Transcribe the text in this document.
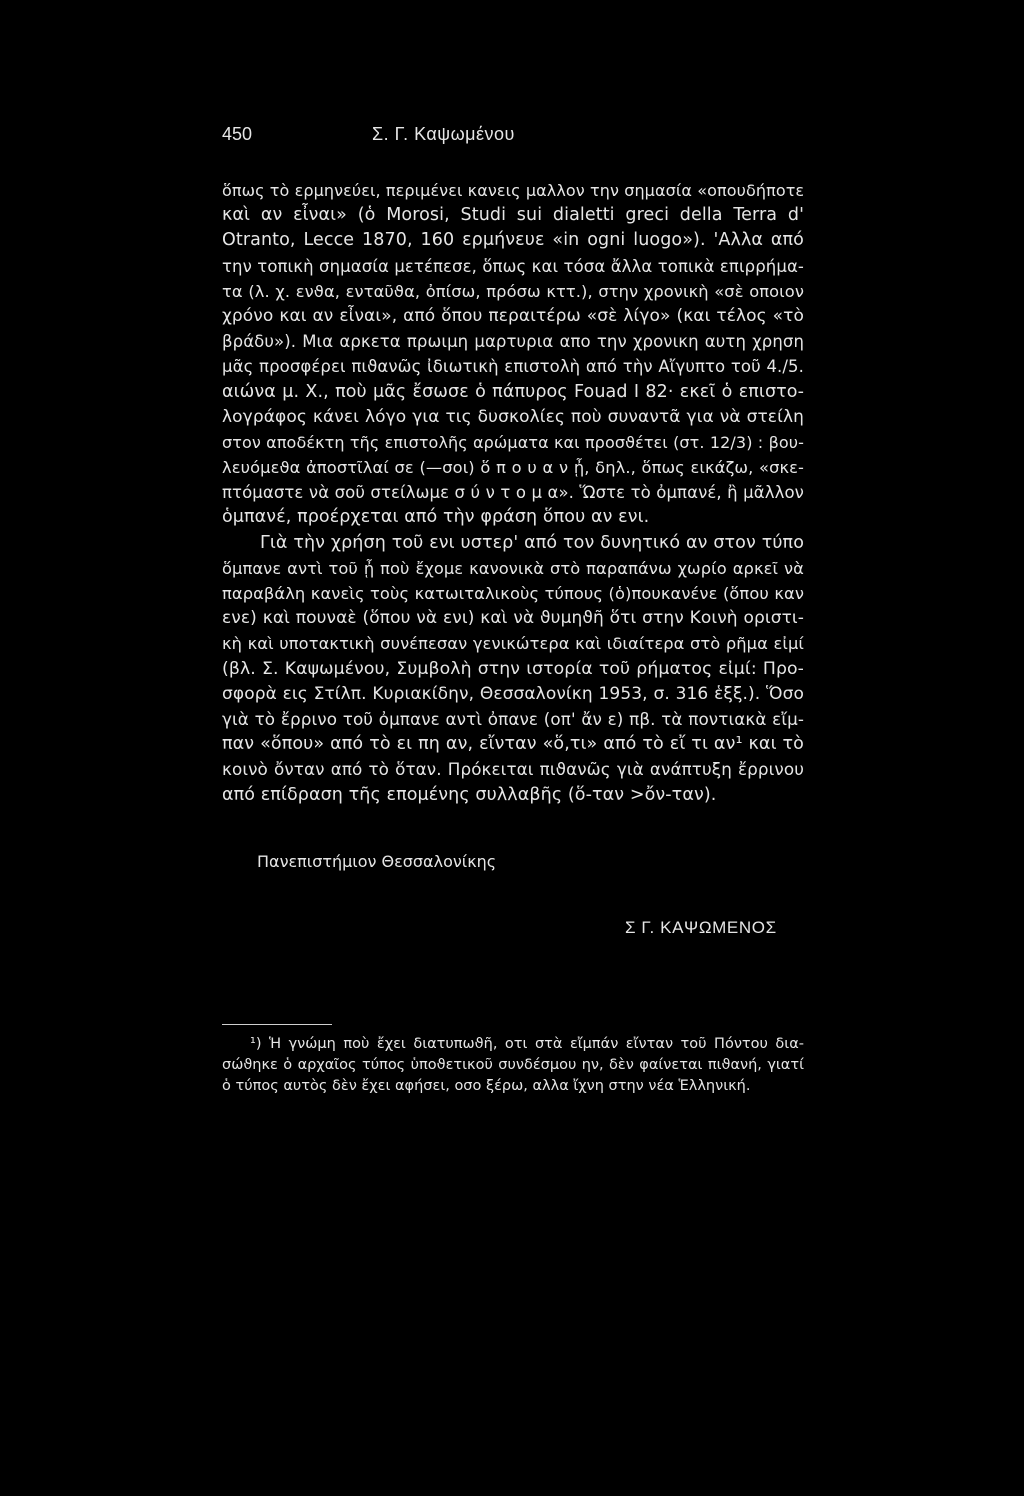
450	Σ. Γ. Καψωμένου
ὅπως τὸ ερμηνεύει, περιμένει κανεις μαλλον την σημασία «οπουδήποτε
καὶ αν εἶναι» (ὁ Morosi, Studi sui dialetti greci della Terra d'
Otranto, Lecce 1870, 160 ερμήνευε «in ogni luogo»). 'Αλλα από
την τοπικὴ σημασία μετέπεσε, ὅπως και τόσα ἄλλα τοπικὰ επιρρήμα-
τα (λ. χ. ενϑα, ενταῦϑα, ὀπίσω, πρόσω κττ.), στην χρονικὴ «σὲ οποιον
χρόνο και αν εἶναι», από ὅπου περαιτέρω «σὲ λίγο» (και τέλος «τὸ
βράδυ»). Μια αρκετα πρωιμη μαρτυρια απο την χρονικη αυτη χρηση
μᾶς προσφέρει πιϑανῶς ἰδιωτικὴ επιστολὴ από τὴν Αἴγυπτο τοῦ 4./5.
αιώνα μ. Χ., ποὺ μᾶς ἔσωσε ὁ πάπυρος Fouad I 82· εκεῖ ὁ επιστο-
λογράφος κάνει λόγο για τις δυσκολίες ποὺ συναντᾶ για νὰ στείλη
στον αποδέκτη τῆς επιστολῆς αρώματα και προσϑέτει (στ. 12/3) : βου-
λευόμεϑα ἀποστῖλαί σε (—σοι) ὅ π ο υ α ν ᾖ, δηλ., ὅπως εικάζω, «σκε-
πτόμαστε νὰ σοῦ στείλωμε σ ύ ν τ ο μ α». Ὥστε τὸ ὀμπανέ, ἢ μᾶλλον
ὁμπανέ, προέρχεται από τὴν φράση ὅπου αν ενι.
Γιὰ τὴν χρήση τοῦ ενι υστερ' από τον δυνητικό αν στον τύπο
ὅμπανε αντὶ τοῦ ᾖ ποὺ ἔχομε κανονικὰ στὸ παραπάνω χωρίο αρκεῖ νὰ
παραβάλη κανεὶς τοὺς κατωιταλικοὺς τύπους (ὁ)πουκανένε (ὅπου καν
ενε) καὶ πουναὲ (ὅπου νὰ ενι) καὶ νὰ ϑυμηϑῆ ὅτι στην Κοινὴ οριστι-
κὴ καὶ υποτακτικὴ συνέπεσαν γενικώτερα καὶ ιδιαίτερα στὸ ρῆμα εἰμί
(βλ. Σ. Καψωμένου, Συμβολὴ στην ιστορία τοῦ ρήματος εἰμί: Προ-
σφορὰ εις Στίλπ. Κυριακίδην, Θεσσαλονίκη 1953, σ. 316 ἑξξ.). Ὅσο
γιὰ τὸ ἔρρινο τοῦ ὀμπανε αντὶ ὀπανε (οπ' ἄν ε) πβ. τὰ ποντιακὰ εἴμ-
παν «ὅπου» από τὸ ει πη αν, εἴνταν «ὅ,τι» από τὸ εἴ τι αν¹ και τὸ
κοινὸ ὄνταν από τὸ ὅταν. Πρόκειται πιϑανῶς γιὰ ανάπτυξη ἔρρινου
από επίδραση τῆς επομένης συλλαβῆς (ὅ-ταν >ὄν-ταν).
Πανεπιστήμιον Θεσσαλονίκης
Σ Γ. ΚΑΨΩΜΕΝΟΣ
¹) Ἡ γνώμη ποὺ ἔχει διατυπωϑῆ, οτι στὰ εἴμπάν εἴνταν τοῦ Πόντου δια-
σώϑηκε ὁ αρχαῖος τύπος ὑποϑετικοῦ συνδέσμου ην, δὲν φαίνεται πιϑανή, γιατί
ὁ τύπος αυτὸς δὲν ἔχει αφήσει, οσο ξέρω, αλλα ἴχνη στην νέα Ἑλληνική.
